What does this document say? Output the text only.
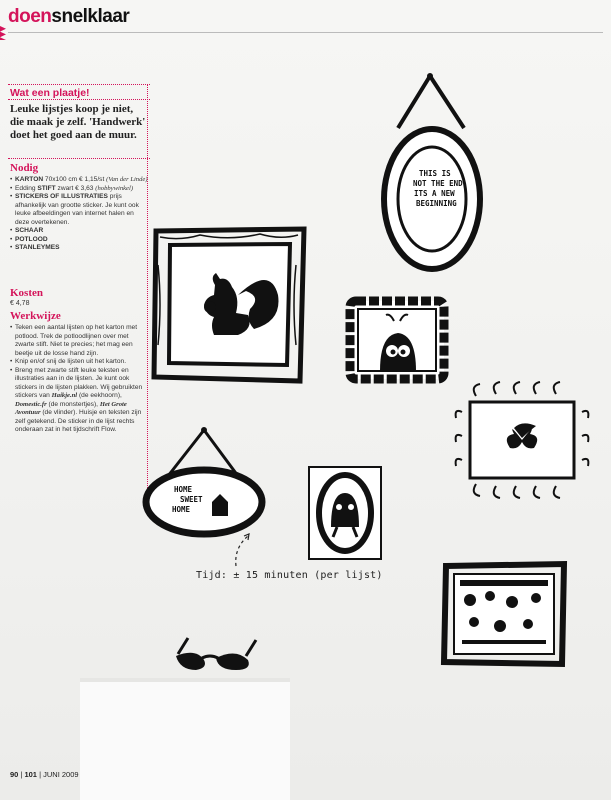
doensnelklaar
Wat een plaatje!
Leuke lijstjes koop je niet, die maak je zelf. 'Handwerk' doet het goed aan de muur.
Nodig
• KARTON 70x100 cm € 1,15/st (Van der Linde)
• Edding STIFT zwart € 3,63 (hobbywinkel)
• STICKERS OF ILLUSTRATIES prijs afhankelijk van grootte sticker. Je kunt ook leuke afbeeldingen van internet halen en deze overtekenen.
• SCHAAR
• POTLOOD
• STANLEYMES
Kosten
€ 4,78
Werkwijze
• Teken een aantal lijsten op het karton met potlood. Trek de potloodlijnen over met zwarte stift. Niet te precies; het mag een beetje uit de losse hand zijn.
• Knip en/of snij de lijsten uit het karton.
• Breng met zwarte stift leuke teksten en illustraties aan in de lijsten. Je kunt ook stickers in de lijsten plakken. Wij gebruikten stickers van Haikje.nl (de eekhoorn), Domestic.fr (de monstertjes), Het Grote Avontuur (de vlinder). Huisje en teksten zijn zelf getekend. De sticker in de lijst rechts onderaan zat in het tijdschrift Flow.
THIS IS
NOT THE END
ITS A NEW
BEGINNING
HOME
SWEET
HOME
Tijd: ± 15 minuten (per lijst)
90 | 101 | JUNI 2009
